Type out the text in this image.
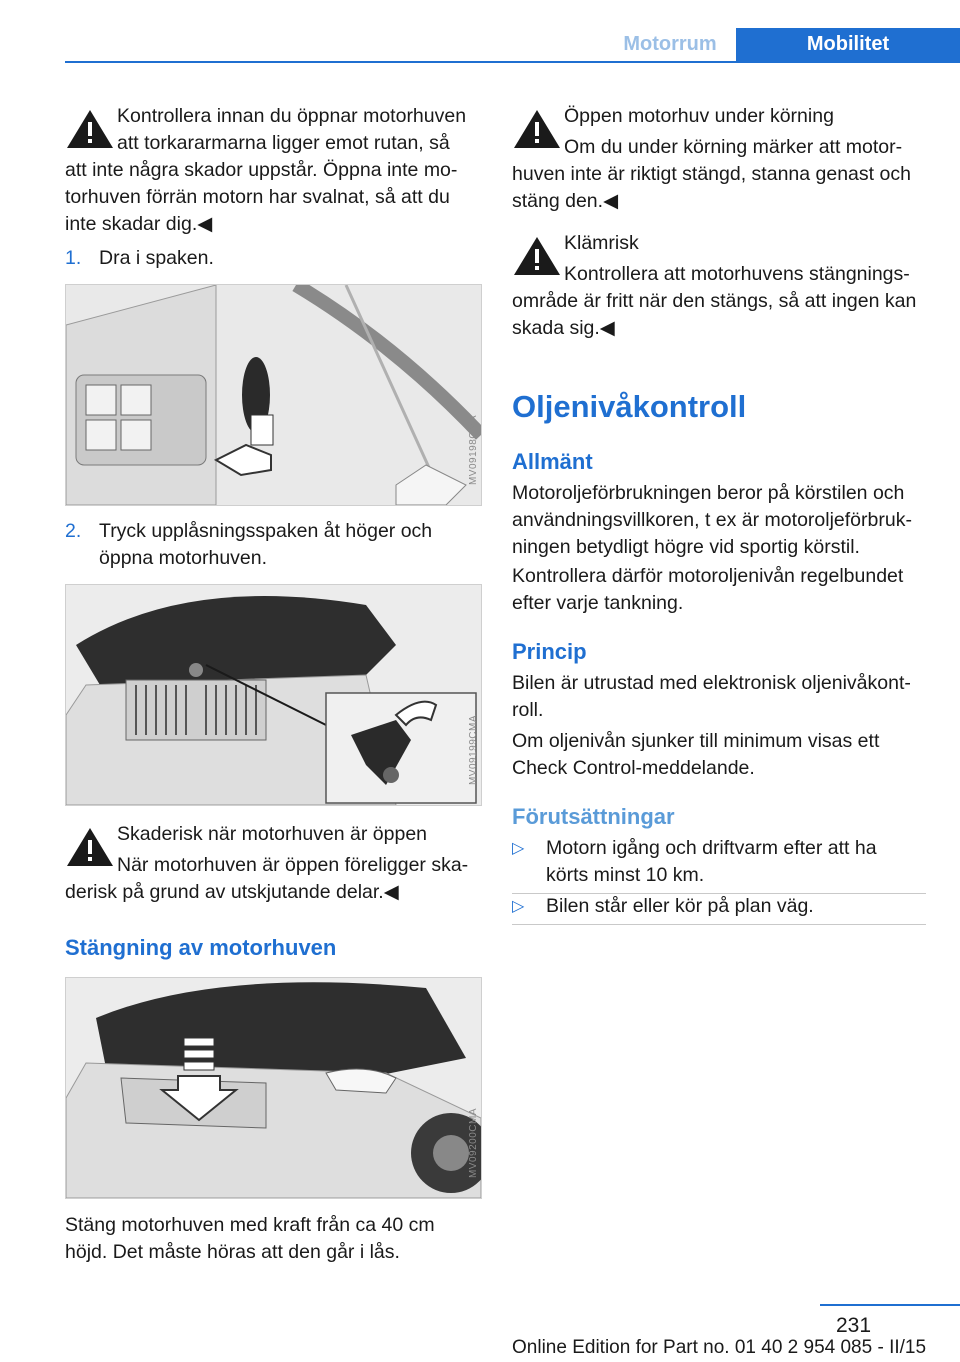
Motorrum	Mobilitet
Kontrollera innan du öppnar motorhuven
att torkararmarna ligger emot rutan, så
att inte några skador uppstår. Öppna inte mo‐
torhuven förrän motorn har svalnat, så att du
inte skadar dig.◀
1. Dra i spaken.
MV09198CMA
2. Tryck upplåsningsspaken åt höger och
öppna motorhuven.
MV09199CMA
Skaderisk när motorhuven är öppen
När motorhuven är öppen föreligger ska‐
derisk på grund av utskjutande delar.◀
Stängning av motorhuven
MV09200CMA
Stäng motorhuven med kraft från ca 40 cm
höjd. Det måste höras att den går i lås.
Öppen motorhuv under körning
Om du under körning märker att motor‐
huven inte är riktigt stängd, stanna genast och
stäng den.◀
Klämrisk
Kontrollera att motorhuvens stängnings‐
område är fritt när den stängs, så att ingen kan
skada sig.◀
Oljenivåkontroll
Allmänt
Motoroljeförbrukningen beror på körstilen och
användningsvillkoren, t ex är motoroljeförbruk‐
ningen betydligt högre vid sportig körstil.
Kontrollera därför motoroljenivån regelbundet
efter varje tankning.
Princip
Bilen är utrustad med elektronisk oljenivåkont‐
roll.
Om oljenivån sjunker till minimum visas ett
Check Control-meddelande.
Förutsättningar
▷ Motorn igång och driftvarm efter att ha
körts minst 10 km.
▷ Bilen står eller kör på plan väg.
231
Online Edition for Part no. 01 40 2 954 085 - II/15
